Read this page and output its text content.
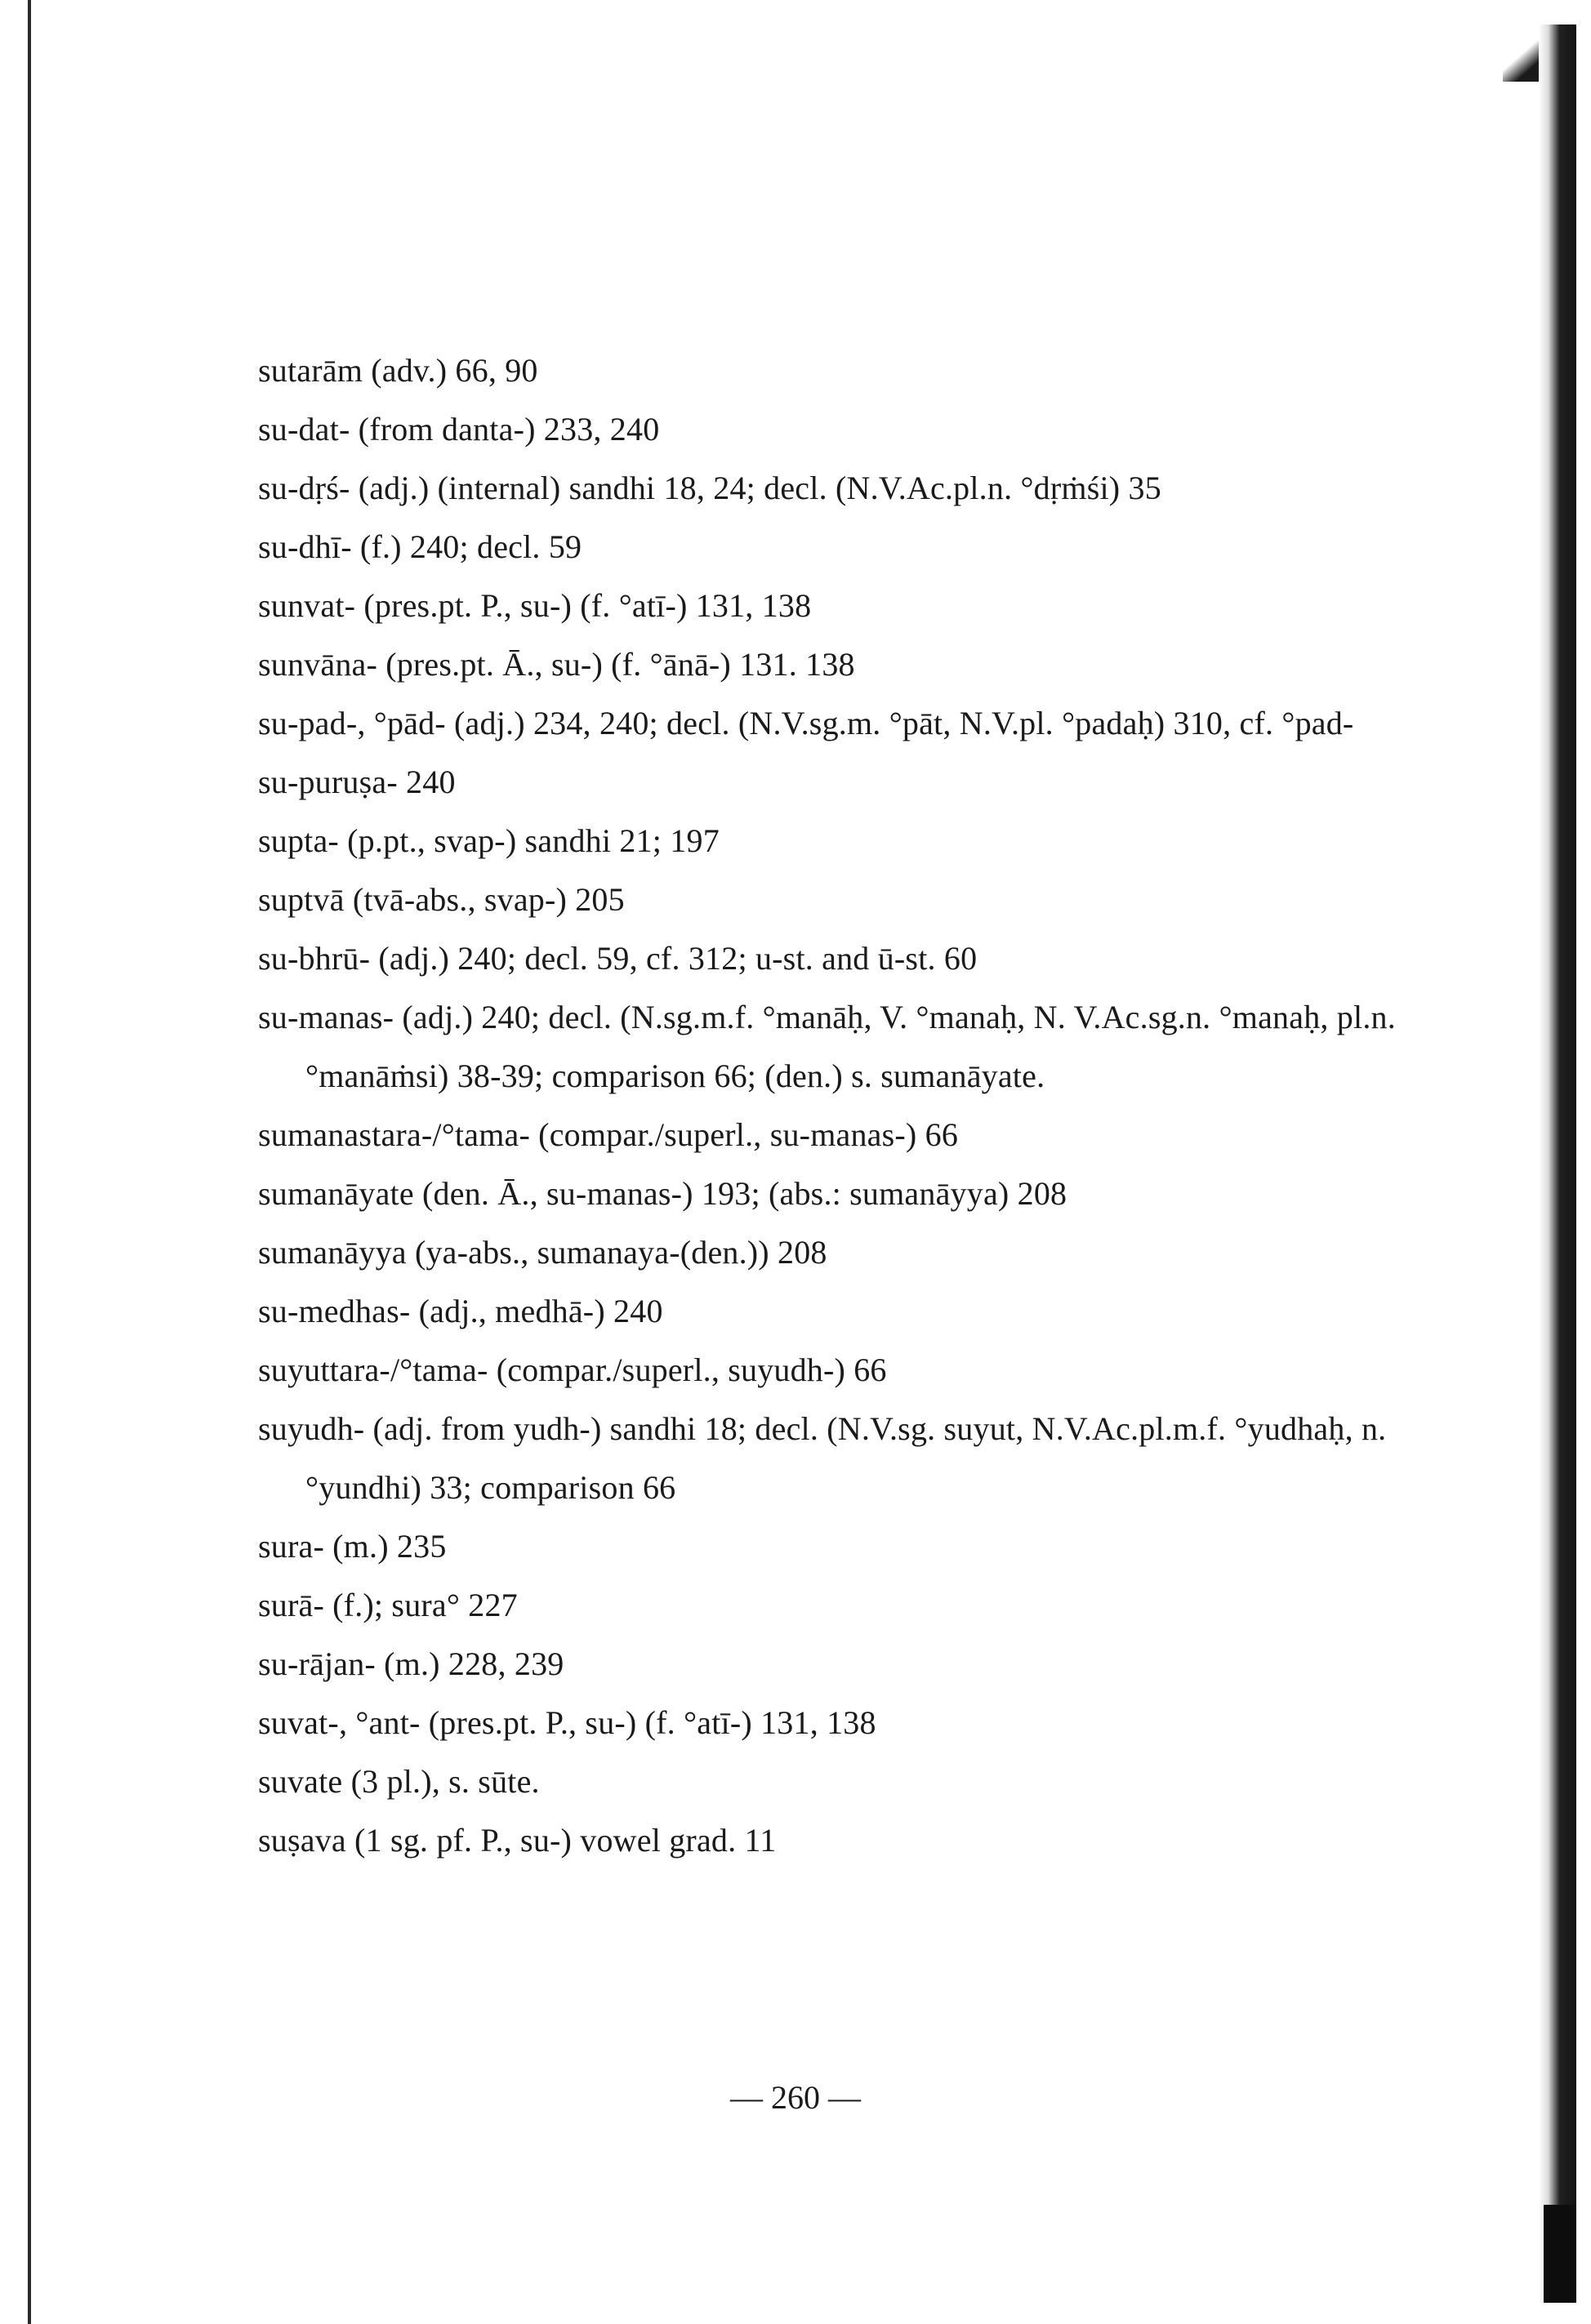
sutarām (adv.) 66, 90

su-dat- (from danta-) 233, 240

su-dṛś- (adj.) (internal) sandhi 18, 24; decl. (N.V.Ac.pl.n. °dṛṁśi) 35

su-dhī- (f.) 240; decl. 59

sunvat- (pres.pt. P., su-) (f. °atī-) 131, 138

sunvāna- (pres.pt. Ā., su-) (f. °ānā-) 131. 138

su-pad-, °pād- (adj.) 234, 240; decl. (N.V.sg.m. °pāt, N.V.pl. °padaḥ) 310, cf. °pad-

su-puruṣa- 240

supta- (p.pt., svap-) sandhi 21; 197

suptvā (tvā-abs., svap-) 205

su-bhrū- (adj.) 240; decl. 59, cf. 312; u-st. and ū-st. 60

su-manas- (adj.) 240; decl. (N.sg.m.f. °manāḥ, V. °manaḥ, N. V.Ac.sg.n. °manaḥ, pl.n. °manāṁsi) 38-39; comparison 66; (den.) s. sumanāyate.

sumanastara-/°tama- (compar./superl., su-manas-) 66

sumanāyate (den. Ā., su-manas-) 193; (abs.: sumanāyya) 208

sumanāyya (ya-abs., sumanaya-(den.)) 208

su-medhas- (adj., medhā-) 240

suyuttara-/°tama- (compar./superl., suyudh-) 66

suyudh- (adj. from yudh-) sandhi 18; decl. (N.V.sg. suyut, N.V.Ac.pl.m.f. °yudhaḥ, n. °yundhi) 33; comparison 66

sura- (m.) 235

surā- (f.); sura° 227

su-rājan- (m.) 228, 239

suvat-, °ant- (pres.pt. P., su-) (f. °atī-) 131, 138

suvate (3 pl.), s. sūte.

suṣava (1 sg. pf. P., su-) vowel grad. 11

— 260 —
